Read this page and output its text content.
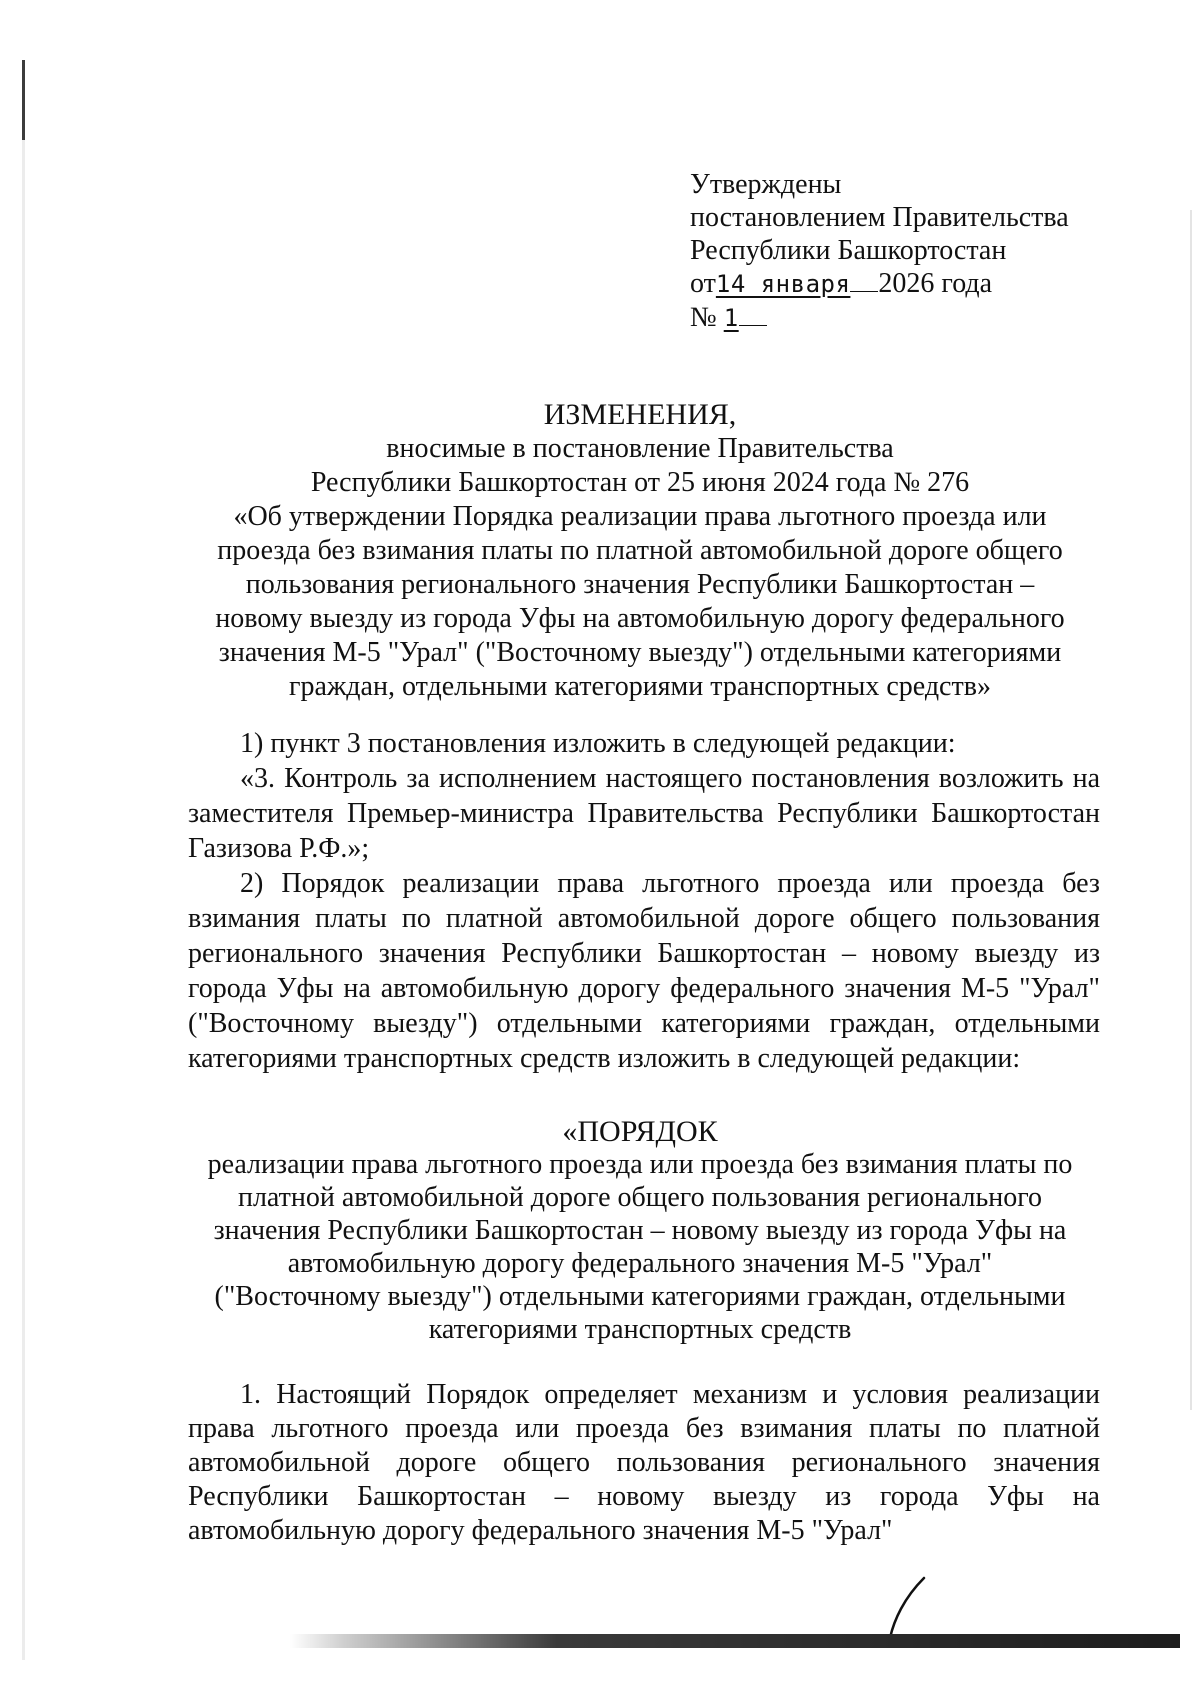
Утверждены
постановлением Правительства
Республики Башкортостан
от14 января 2026 года
№ 1
ИЗМЕНЕНИЯ,
вносимые в постановление Правительства
Республики Башкортостан от 25 июня 2024 года № 276
«Об утверждении Порядка реализации права льготного проезда или
проезда без взимания платы по платной автомобильной дороге общего
пользования регионального значения Республики Башкортостан –
новому выезду из города Уфы на автомобильную дорогу федерального
значения М-5 "Урал" ("Восточному выезду") отдельными категориями
граждан, отдельными категориями транспортных средств»

1) пункт 3 постановления изложить в следующей редакции:

«3. Контроль за исполнением настоящего постановления возложить на заместителя Премьер-министра Правительства Республики Башкортостан Газизова Р.Ф.»;

2) Порядок реализации права льготного проезда или проезда без взимания платы по платной автомобильной дороге общего пользования регионального значения Республики Башкортостан – новому выезду из города Уфы на автомобильную дорогу федерального значения М-5 "Урал" ("Восточному выезду") отдельными категориями граждан, отдельными категориями транспортных средств изложить в следующей редакции:

«ПОРЯДОК
реализации права льготного проезда или проезда без взимания платы по
платной автомобильной дороге общего пользования регионального
значения Республики Башкортостан – новому выезду из города Уфы на
автомобильную дорогу федерального значения М-5 "Урал"
("Восточному выезду") отдельными категориями граждан, отдельными
категориями транспортных средств

1. Настоящий Порядок определяет механизм и условия реализации права льготного проезда или проезда без взимания платы по платной автомобильной дороге общего пользования регионального значения Республики Башкортостан – новому выезду из города Уфы на автомобильную дорогу федерального значения М-5 "Урал"
